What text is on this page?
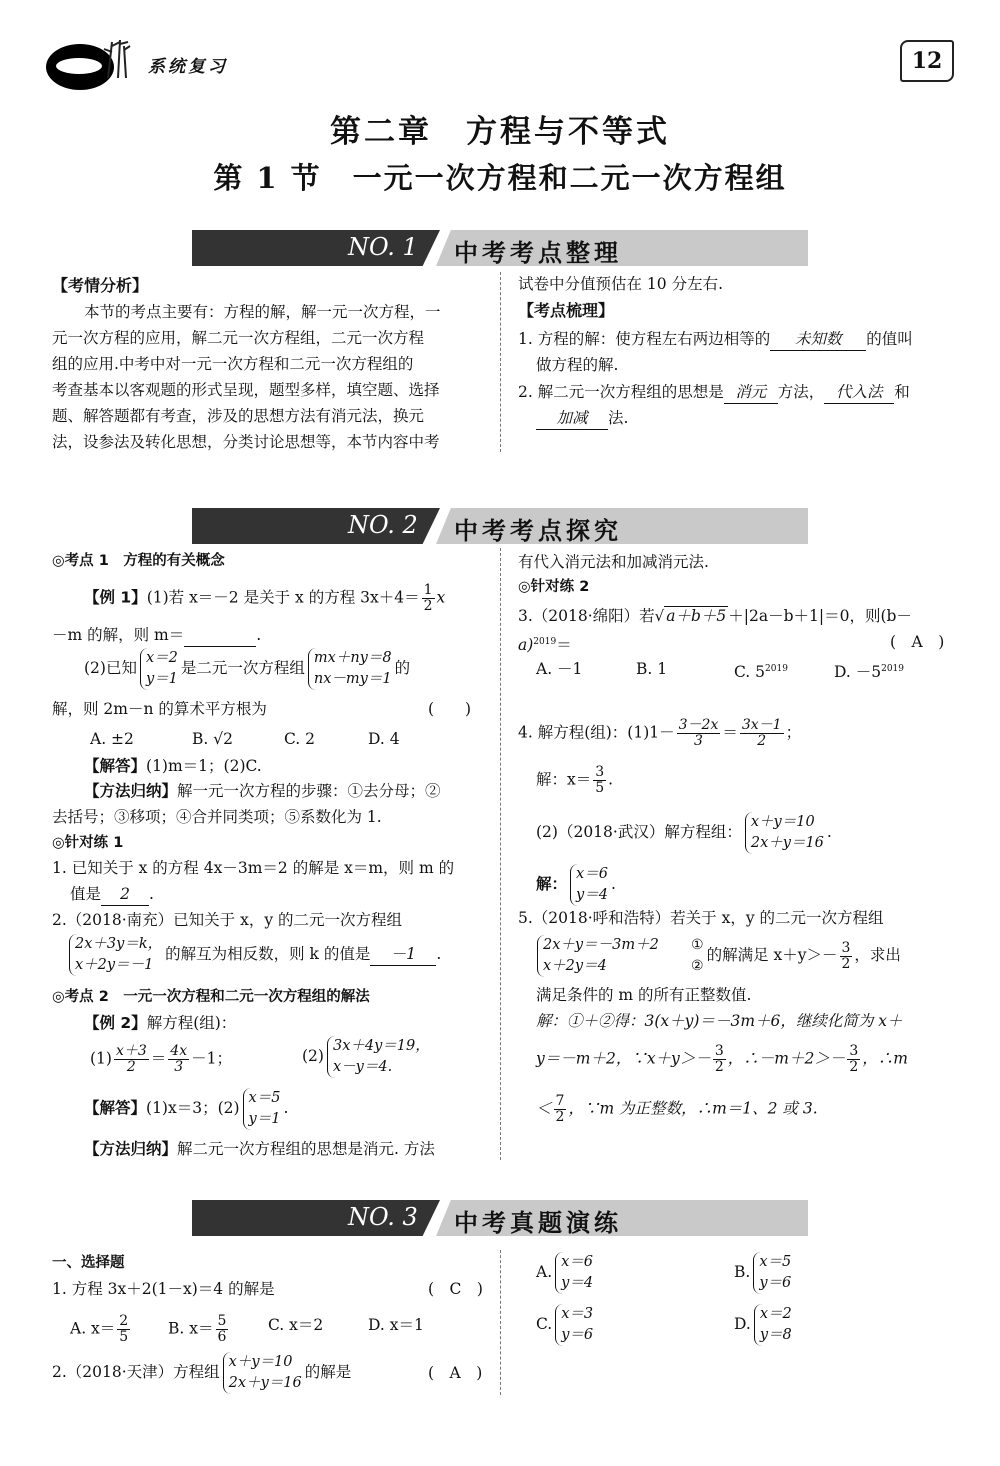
系统复习	12
第二章　方程与不等式
第 1 节　一元一次方程和二元一次方程组
NO. 1 中考考点整理
【考情分析】
本节的考点主要有：方程的解，解一元一次方程，一
元一次方程的应用，解二元一次方程组，二元一次方程
组的应用.中考中对一元一次方程和二元一次方程组的
考查基本以客观题的形式呈现，题型多样，填空题、选择
题、解答题都有考查，涉及的思想方法有消元法，换元
法，设参法及转化思想，分类讨论思想等，本节内容中考
试卷中分值预估在 10 分左右.
【考点梳理】
1. 方程的解：使方程左右两边相等的 未知数 的值叫
做方程的解.
2. 解二元一次方程组的思想是 消元 方法， 代入法 和
加减 法.
NO. 2 中考考点探究
◎考点 1　方程的有关概念
【例 1】(1)若 x＝－2 是关于 x 的方程 $3x+4= \frac{1}{2}$ x
－m 的解，则 m＝	.
(2)已知
x＝2
y＝1
是二元一次方程组
mx＋ny＝8
nx－my＝1
的
解，则 2m－n 的算术平方根为	(　　)
A. ±2	B. √2	C. 2	D. 4
【解答】(1)m＝1；(2)C.
【方法归纳】解一元一次方程的步骤：①去分母；②
去括号；③移项；④合并同类项；⑤系数化为 1.
◎针对练 1
1. 已知关于 x 的方程 4x－3m＝2 的解是 x＝m，则 m 的
值是 2 .
2.（2018·南充）已知关于 x，y 的二元一次方程组
2x＋3y＝k，
x＋2y＝－1
的解互为相反数，则 k 的值是 －1 .
◎考点 2　一元一次方程和二元一次方程组的解法
【例 2】解方程(组)：
$(1) \frac{x+3}{2} = \frac{4x}{3} -1$；	(2)
3x＋4y＝19，
x－y＝4.
【解答】(1)x＝3；(2)
x＝5
y＝1
.
【方法归纳】解二元一次方程组的思想是消元. 方法
有代入消元法和加减消元法.
◎针对练 2
3.（2018·绵阳）若√ a＋b＋5 ＋|2a－b＋1|＝0，则(b－
a)$^{2019}$＝	(　A　)
A. －1	B. 1	C. $5^{2019}$	D. $-5^{2019}$
4. 解方程(组)：$(1)1- \frac{3-2x}{3} = \frac{3x-1}{2}$ ；
解：$x= \frac{3}{5}$ .
(2)（2018·武汉）解方程组：
x＋y＝10
2x＋y＝16
.
解：
x＝6
y＝4
.
5.（2018·呼和浩特）若关于 x，y 的二元一次方程组
2x＋y＝－3m＋2
x＋2y＝4
①
②
的解满足 $x+y>- \frac{3}{2}$ ，求出
满足条件的 m 的所有正整数值.
解：①＋②得：3(x＋y)＝－3m＋6，继续化简为 x＋
y＝－m＋2，∵x＋y＞－ $\frac{3}{2}$ ，∴－m＋2＞－ $\frac{3}{2}$ ，∴m
＜ $\frac{7}{2}$ ，∵m 为正整数，∴m＝1、2 或 3.
NO. 3 中考真题演练
一、选择题
1. 方程 3x＋2(1－x)＝4 的解是	(　C　)
A. $x= \frac{2}{5} B$. $x= \frac{5}{6}$	C. x＝2	D. x＝1
2.（2018·天津）方程组
x＋y＝10
2x＋y＝16
的解是	(　A　)
A.
x＝6
y＝4
B.
x＝5
y＝6
C.
x＝3
y＝6
D.
x＝2
y＝8
